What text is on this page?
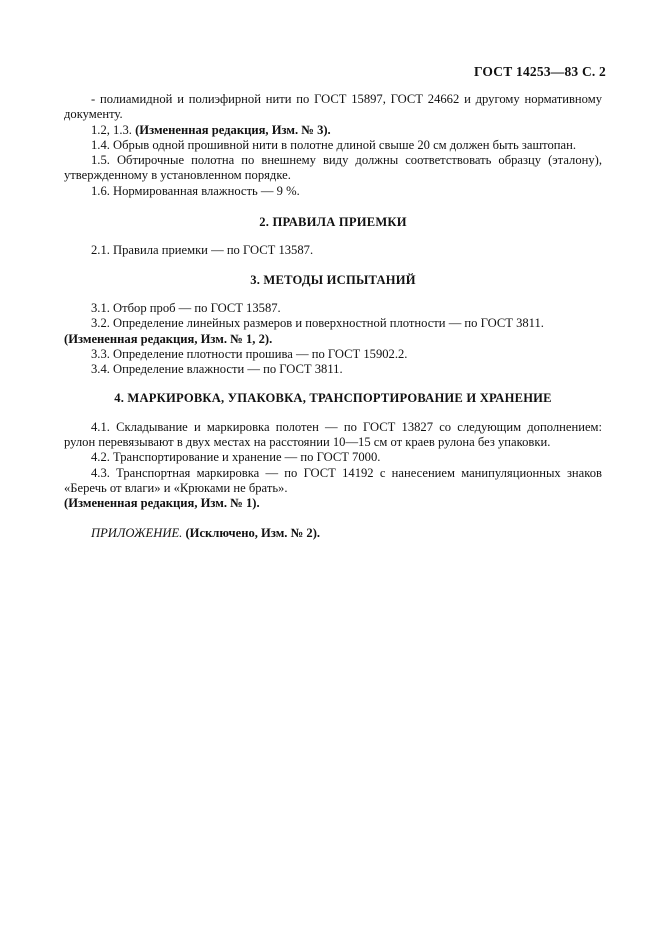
ГОСТ 14253—83 С. 2

- полиамидной и полиэфирной нити по ГОСТ 15897, ГОСТ 24662 и другому нормативному документу.

1.2, 1.3. (Измененная редакция, Изм. № 3).

1.4. Обрыв одной прошивной нити в полотне длиной свыше 20 см должен быть заштопан.

1.5. Обтирочные полотна по внешнему виду должны соответствовать образцу (эталону), утвержденному в установленном порядке.

1.6. Нормированная влажность — 9 %.

2. ПРАВИЛА ПРИЕМКИ

2.1. Правила приемки — по ГОСТ 13587.

3. МЕТОДЫ ИСПЫТАНИЙ

3.1. Отбор проб — по ГОСТ 13587.

3.2. Определение линейных размеров и поверхностной плотности — по ГОСТ 3811.

(Измененная редакция, Изм. № 1, 2).

3.3. Определение плотности прошива — по ГОСТ 15902.2.

3.4. Определение влажности — по ГОСТ 3811.

4. МАРКИРОВКА, УПАКОВКА, ТРАНСПОРТИРОВАНИЕ И ХРАНЕНИЕ

4.1. Складывание и маркировка полотен — по ГОСТ 13827 со следующим дополнением: рулон перевязывают в двух местах на расстоянии 10—15 см от краев рулона без упаковки.

4.2. Транспортирование и хранение — по ГОСТ 7000.

4.3. Транспортная маркировка — по ГОСТ 14192 с нанесением манипуляционных знаков «Беречь от влаги» и «Крюками не брать».

(Измененная редакция, Изм. № 1).

ПРИЛОЖЕНИЕ. (Исключено, Изм. № 2).
